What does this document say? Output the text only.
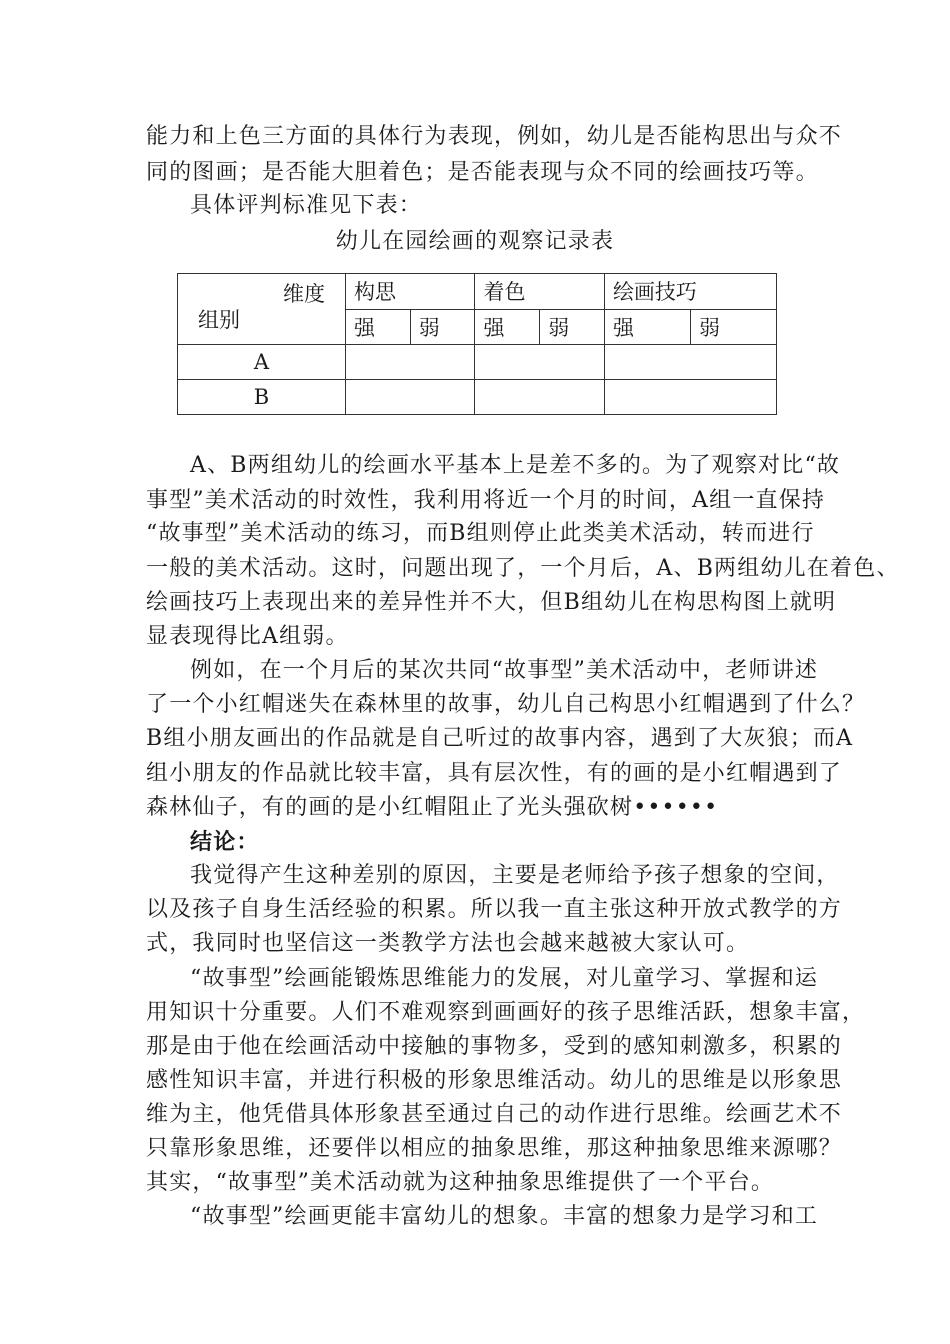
能力和上色三方面的具体行为表现，例如，幼儿是否能构思出与众不
同的图画；是否能大胆着色；是否能表现与众不同的绘画技巧等。
具体评判标准见下表：
幼儿在园绘画的观察记录表
维度
组别	构思		着色		绘画技巧	
	强	弱	强	弱	强	弱
A						
B						
A、B两组幼儿的绘画水平基本上是差不多的。为了观察对比“故
事型”美术活动的时效性，我利用将近一个月的时间，A组一直保持
“故事型”美术活动的练习，而B组则停止此类美术活动，转而进行
一般的美术活动。这时，问题出现了，一个月后，A、B两组幼儿在着色、
绘画技巧上表现出来的差异性并不大，但B组幼儿在构思构图上就明
显表现得比A组弱。
例如，在一个月后的某次共同“故事型”美术活动中，老师讲述
了一个小红帽迷失在森林里的故事，幼儿自己构思小红帽遇到了什么？
B组小朋友画出的作品就是自己听过的故事内容，遇到了大灰狼；而A
组小朋友的作品就比较丰富，具有层次性，有的画的是小红帽遇到了
森林仙子，有的画的是小红帽阻止了光头强砍树••••••
结论：
我觉得产生这种差别的原因，主要是老师给予孩子想象的空间，
以及孩子自身生活经验的积累。所以我一直主张这种开放式教学的方
式，我同时也坚信这一类教学方法也会越来越被大家认可。
“故事型”绘画能锻炼思维能力的发展，对儿童学习、掌握和运
用知识十分重要。人们不难观察到画画好的孩子思维活跃，想象丰富，
那是由于他在绘画活动中接触的事物多，受到的感知刺激多，积累的
感性知识丰富，并进行积极的形象思维活动。幼儿的思维是以形象思
维为主，他凭借具体形象甚至通过自己的动作进行思维。绘画艺术不
只靠形象思维，还要伴以相应的抽象思维，那这种抽象思维来源哪？
其实，“故事型”美术活动就为这种抽象思维提供了一个平台。
“故事型”绘画更能丰富幼儿的想象。丰富的想象力是学习和工
